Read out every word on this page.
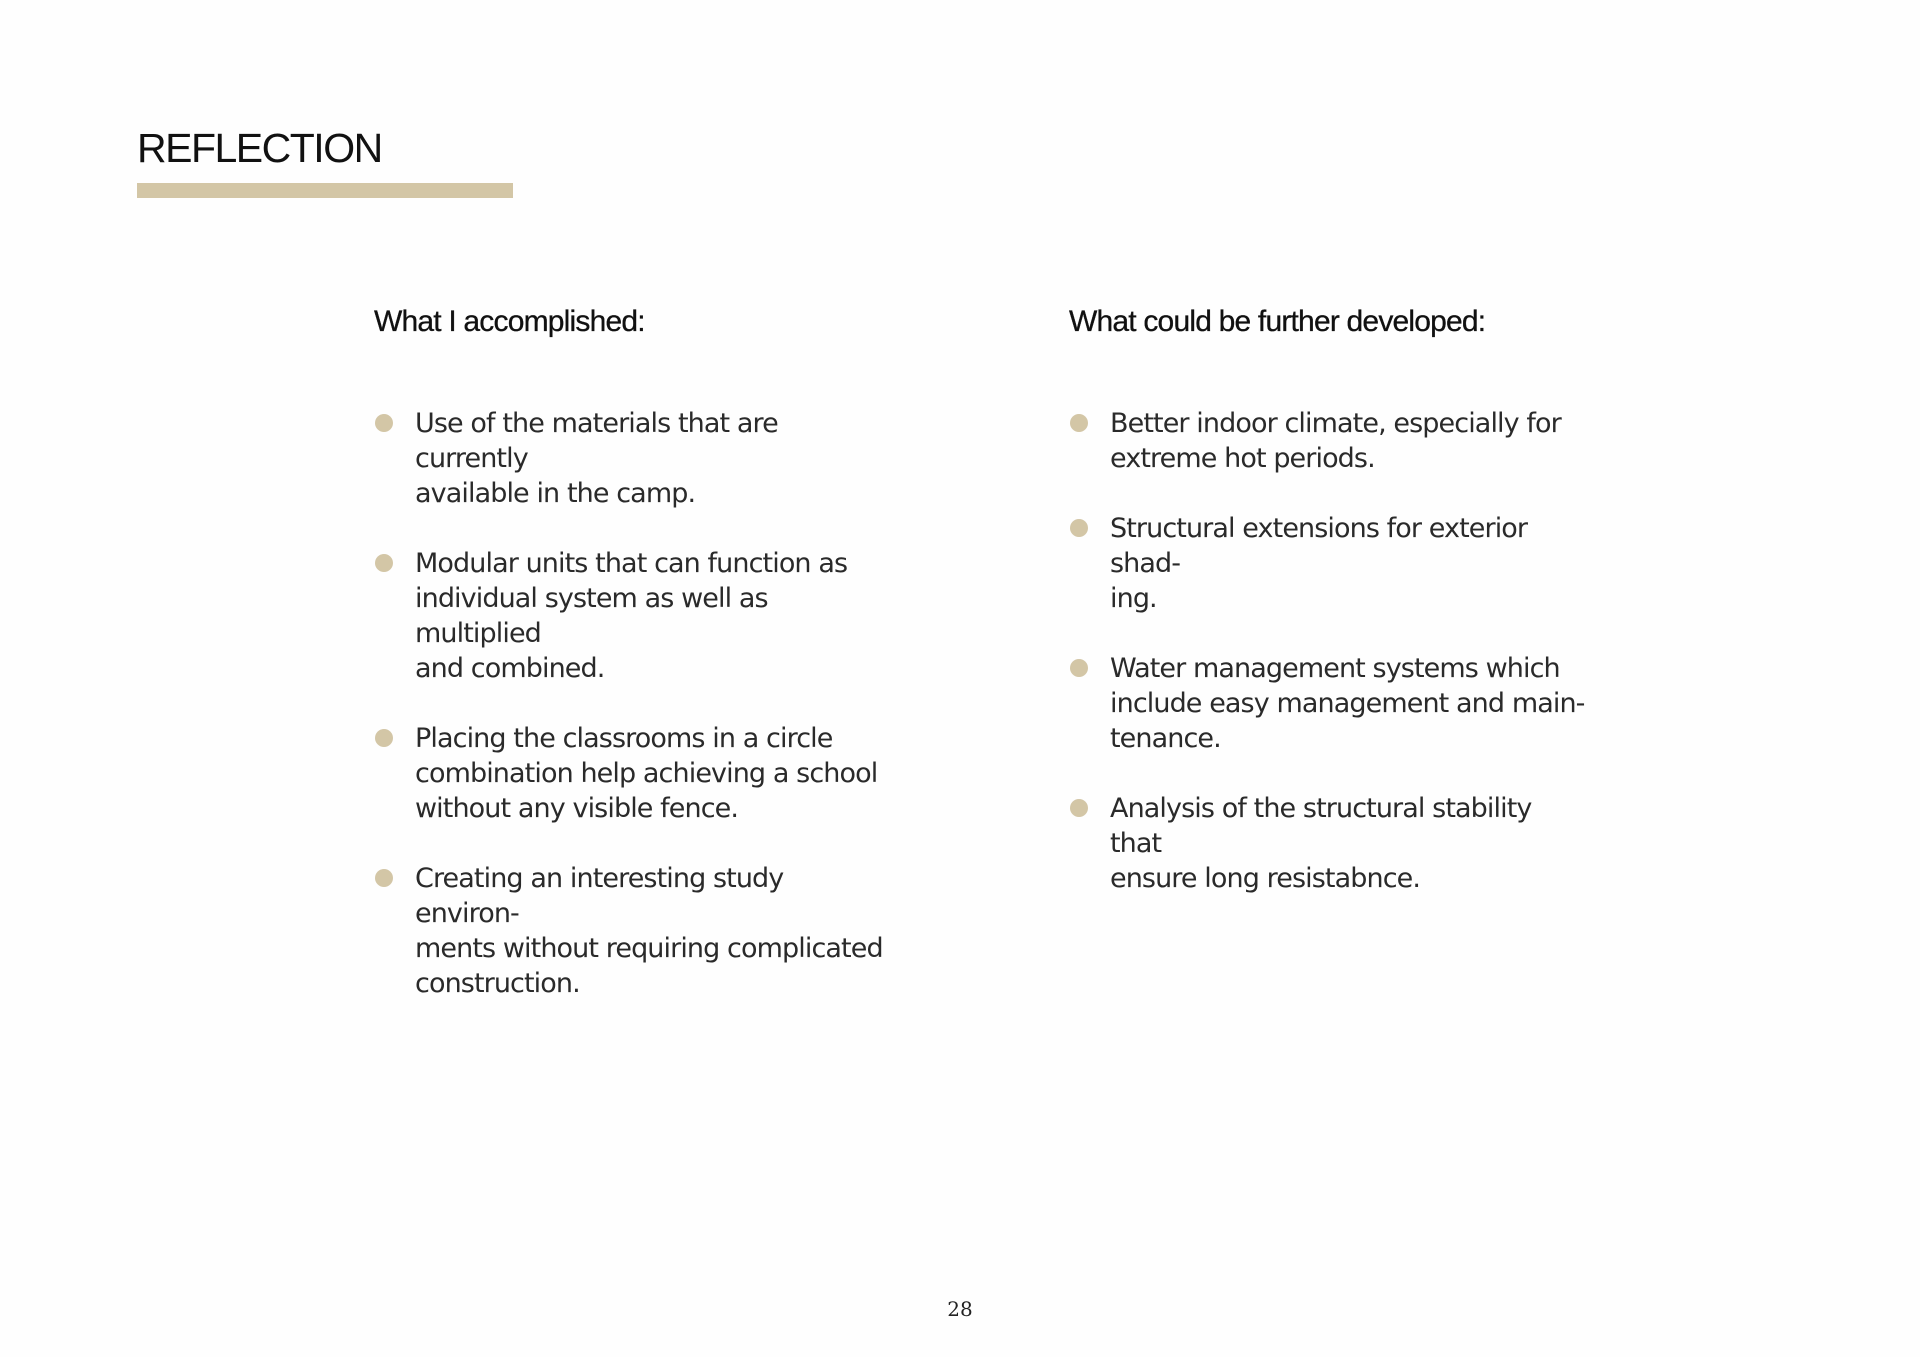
REFLECTION
What I accomplished:
Use of the materials that are currently
available in the camp.
Modular units that can function as
individual system as well as multiplied
and combined.
Placing the classrooms in a circle
combination help achieving a school
without any visible fence.
Creating an interesting study environ-
ments without requiring complicated
construction.
What could be further developed:
Better indoor climate, especially for
extreme hot periods.
Structural extensions for exterior shad-
ing.
Water management systems which
include easy management and main-
tenance.
Analysis of the structural stability that
ensure long resistabnce.
28
